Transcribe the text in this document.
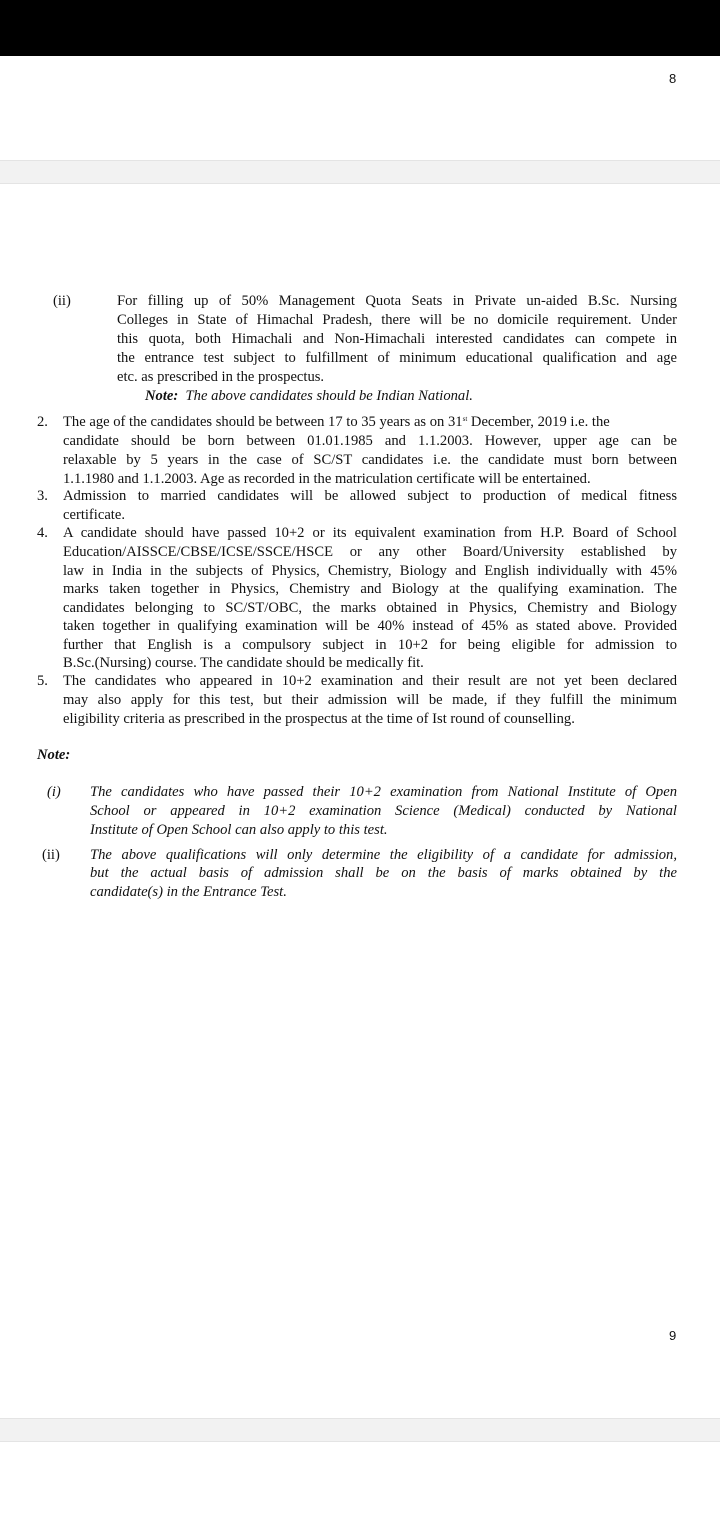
8
(ii)	For filling up of 50% Management Quota Seats in Private un-aided B.Sc. Nursing
Colleges in State of Himachal Pradesh, there will be no domicile requirement. Under
this quota, both Himachali and Non-Himachali interested candidates can compete in
the entrance test subject to fulfillment of minimum educational qualification and age
etc. as prescribed in the prospectus.
Note: The above candidates should be Indian National.
2. The age of the candidates should be between 17 to 35 years as on 31st December, 2019 i.e. the
candidate should be born between 01.01.1985 and 1.1.2003. However, upper age can be
relaxable by 5 years in the case of SC/ST candidates i.e. the candidate must born between
1.1.1980 and 1.1.2003. Age as recorded in the matriculation certificate will be entertained.
3. Admission to married candidates will be allowed subject to production of medical fitness
certificate.
4. A candidate should have passed 10+2 or its equivalent examination from H.P. Board of School
Education/AISSCE/CBSE/ICSE/SSCE/HSCE or any other Board/University established by
law in India in the subjects of Physics, Chemistry, Biology and English individually with 45%
marks taken together in Physics, Chemistry and Biology at the qualifying examination. The
candidates belonging to SC/ST/OBC, the marks obtained in Physics, Chemistry and Biology
taken together in qualifying examination will be 40% instead of 45% as stated above. Provided
further that English is a compulsory subject in 10+2 for being eligible for admission to
B.Sc.(Nursing) course. The candidate should be medically fit.
5. The candidates who appeared in 10+2 examination and their result are not yet been declared
may also apply for this test, but their admission will be made, if they fulfill the minimum
eligibility criteria as prescribed in the prospectus at the time of Ist round of counselling.
Note:
(i) The candidates who have passed their 10+2 examination from National Institute of Open
School or appeared in 10+2 examination Science (Medical) conducted by National
Institute of Open School can also apply to this test.
(ii) The above qualifications will only determine the eligibility of a candidate for admission,
but the actual basis of admission shall be on the basis of marks obtained by the
candidate(s) in the Entrance Test.
9
